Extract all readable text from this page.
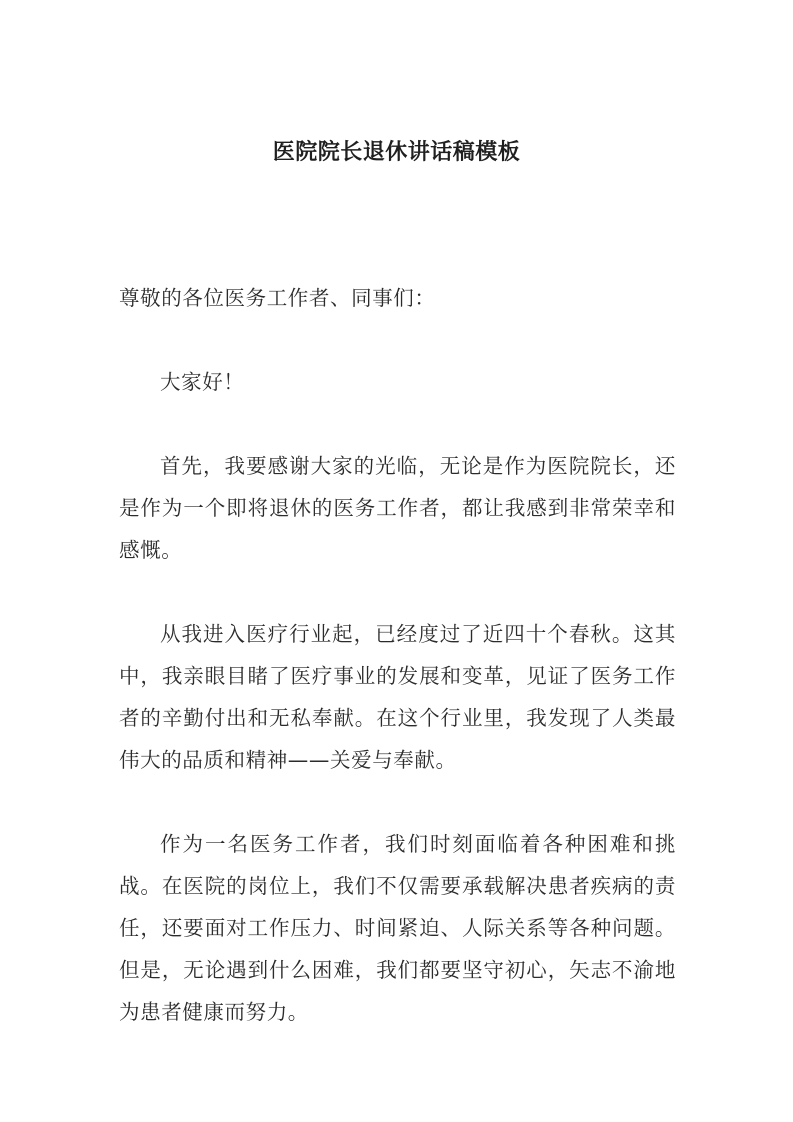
医院院长退休讲话稿模板

尊敬的各位医务工作者、同事们：

大家好！

首先，我要感谢大家的光临，无论是作为医院院长，还是作为一个即将退休的医务工作者，都让我感到非常荣幸和感慨。

从我进入医疗行业起，已经度过了近四十个春秋。这其中，我亲眼目睹了医疗事业的发展和变革，见证了医务工作者的辛勤付出和无私奉献。在这个行业里，我发现了人类最伟大的品质和精神——关爱与奉献。

作为一名医务工作者，我们时刻面临着各种困难和挑战。在医院的岗位上，我们不仅需要承载解决患者疾病的责任，还要面对工作压力、时间紧迫、人际关系等各种问题。但是，无论遇到什么困难，我们都要坚守初心，矢志不渝地为患者健康而努力。
